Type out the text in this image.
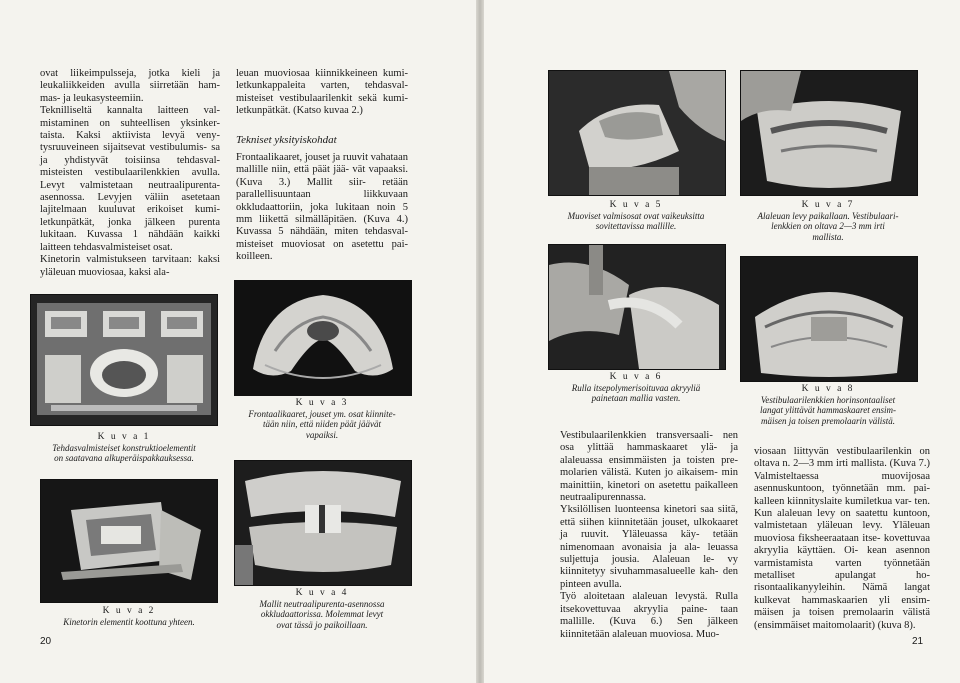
ovat liikeimpulsseja, jotka kieli ja leukaliikkeiden avulla siirretään ham- mas- ja leukasysteemiin.
Teknilliseltä kannalta laitteen val- mistaminen on suhteellisen yksinker- taista. Kaksi aktiivista levyä veny- tysruuveineen sijaitsevat vestibulumis- sa ja yhdistyvät toisiinsa tehdasval- misteisten vestibulaarilenkkien avulla. Levyt valmistetaan neutraalipurenta- asennossa. Levyjen väliin asetetaan lajitelmaan kuuluvat erikoiset kumi- letkunpätkät, jonka jälkeen purenta lukitaan. Kuvassa 1 nähdään kaikki laitteen tehdasvalmisteiset osat.
Kinetorin valmistukseen tarvitaan: kaksi yläleuan muoviosaa, kaksi ala-
leuan muoviosaa kiinnikkeineen kumi- letkunkappaleita varten, tehdasval- misteiset vestibulaarilenkit sekä kumi- letkunpätkät. (Katso kuvaa 2.)
Tekniset yksityiskohdat
Frontaalikaaret, jouset ja ruuvit vahataan mallille niin, että päät jää- vät vapaaksi. (Kuva 3.) Mallit siir- retään parallellisuuntaan liikkuvaan okkludaattoriin, joka lukitaan noin 5 mm liikettä silmälläpitäen. (Kuva 4.) Kuvassa 5 nähdään, miten tehdasval- misteiset muoviosat on asetettu pai- koilleen.
K u v a 1
Tehdasvalmisteiset konstruktioelementit
on saatavana alkuperäispakkauksessa.
K u v a 2
Kinetorin elementit koottuna yhteen.
K u v a 3
Frontaalikaaret, jouset ym. osat kiinnite-
tään niin, että niiden päät jäävät
vapaiksi.
K u v a 4
Mallit neutraalipurenta-asennossa
okkludaattorissa. Molemmat levyt
ovat tässä jo paikoillaan.
20
K u v a 5
Muoviset valmisosat ovat vaikeuksitta
sovitettavissa mallille.
K u v a 7
Alaleuan levy paikallaan. Vestibulaari-
lenkkien on oltava 2—3 mm irti
mallista.
K u v a 6
Rulla itsepolymerisoituvaa akryyliä
painetaan mallia vasten.
K u v a 8
Vestibulaarilenkkien horinsontaaliset
langat ylittävät hammaskaaret ensim-
mäisen ja toisen premolaarin välistä.
Vestibulaarilenkkien transversaali- nen osa ylittää hammaskaaret ylä- ja alaleuassa ensimmäisten ja toisten pre- molarien välistä. Kuten jo aikaisem- min mainittiin, kinetori on asetettu paikalleen neutraalipurennassa.
Yksilöllisen luonteensa kinetori saa siitä, että siihen kiinnitetään jouset, ulkokaaret ja ruuvit. Yläleuassa käy- tetään nimenomaan avonaisia ja ala- leuassa suljettuja jousia. Alaleuan le- vy kiinnitetyy sivuhammasalueelle kah- den pinteen avulla.
Työ aloitetaan alaleuan levystä. Rulla itsekovettuvaa akryylia paine- taan mallille. (Kuva 6.) Sen jälkeen kiinnitetään alaleuan muoviosa. Muo-
viosaan liittyvän vestibulaarilenkin on oltava n. 2—3 mm irti mallista. (Kuva 7.) Valmisteltaessa muovijosaa asennuskuntoon, työnnetään mm. pai- kalleen kiinnityslaite kumiletkua var- ten. Kun alaleuan levy on saatettu kuntoon, valmistetaan yläleuan levy. Yläleuan muoviosa fiksheeraataan itse- kovettuvaa akryylia käyttäen. Oi- kean asennon varmistamista varten työnnetään metalliset apulangat ho- risontaalikanyyleihin. Nämä langat kulkevat hammaskaarien yli ensim- mäisen ja toisen premolaarin välistä (ensimmäiset maitomolaarit) (kuva 8).
21
